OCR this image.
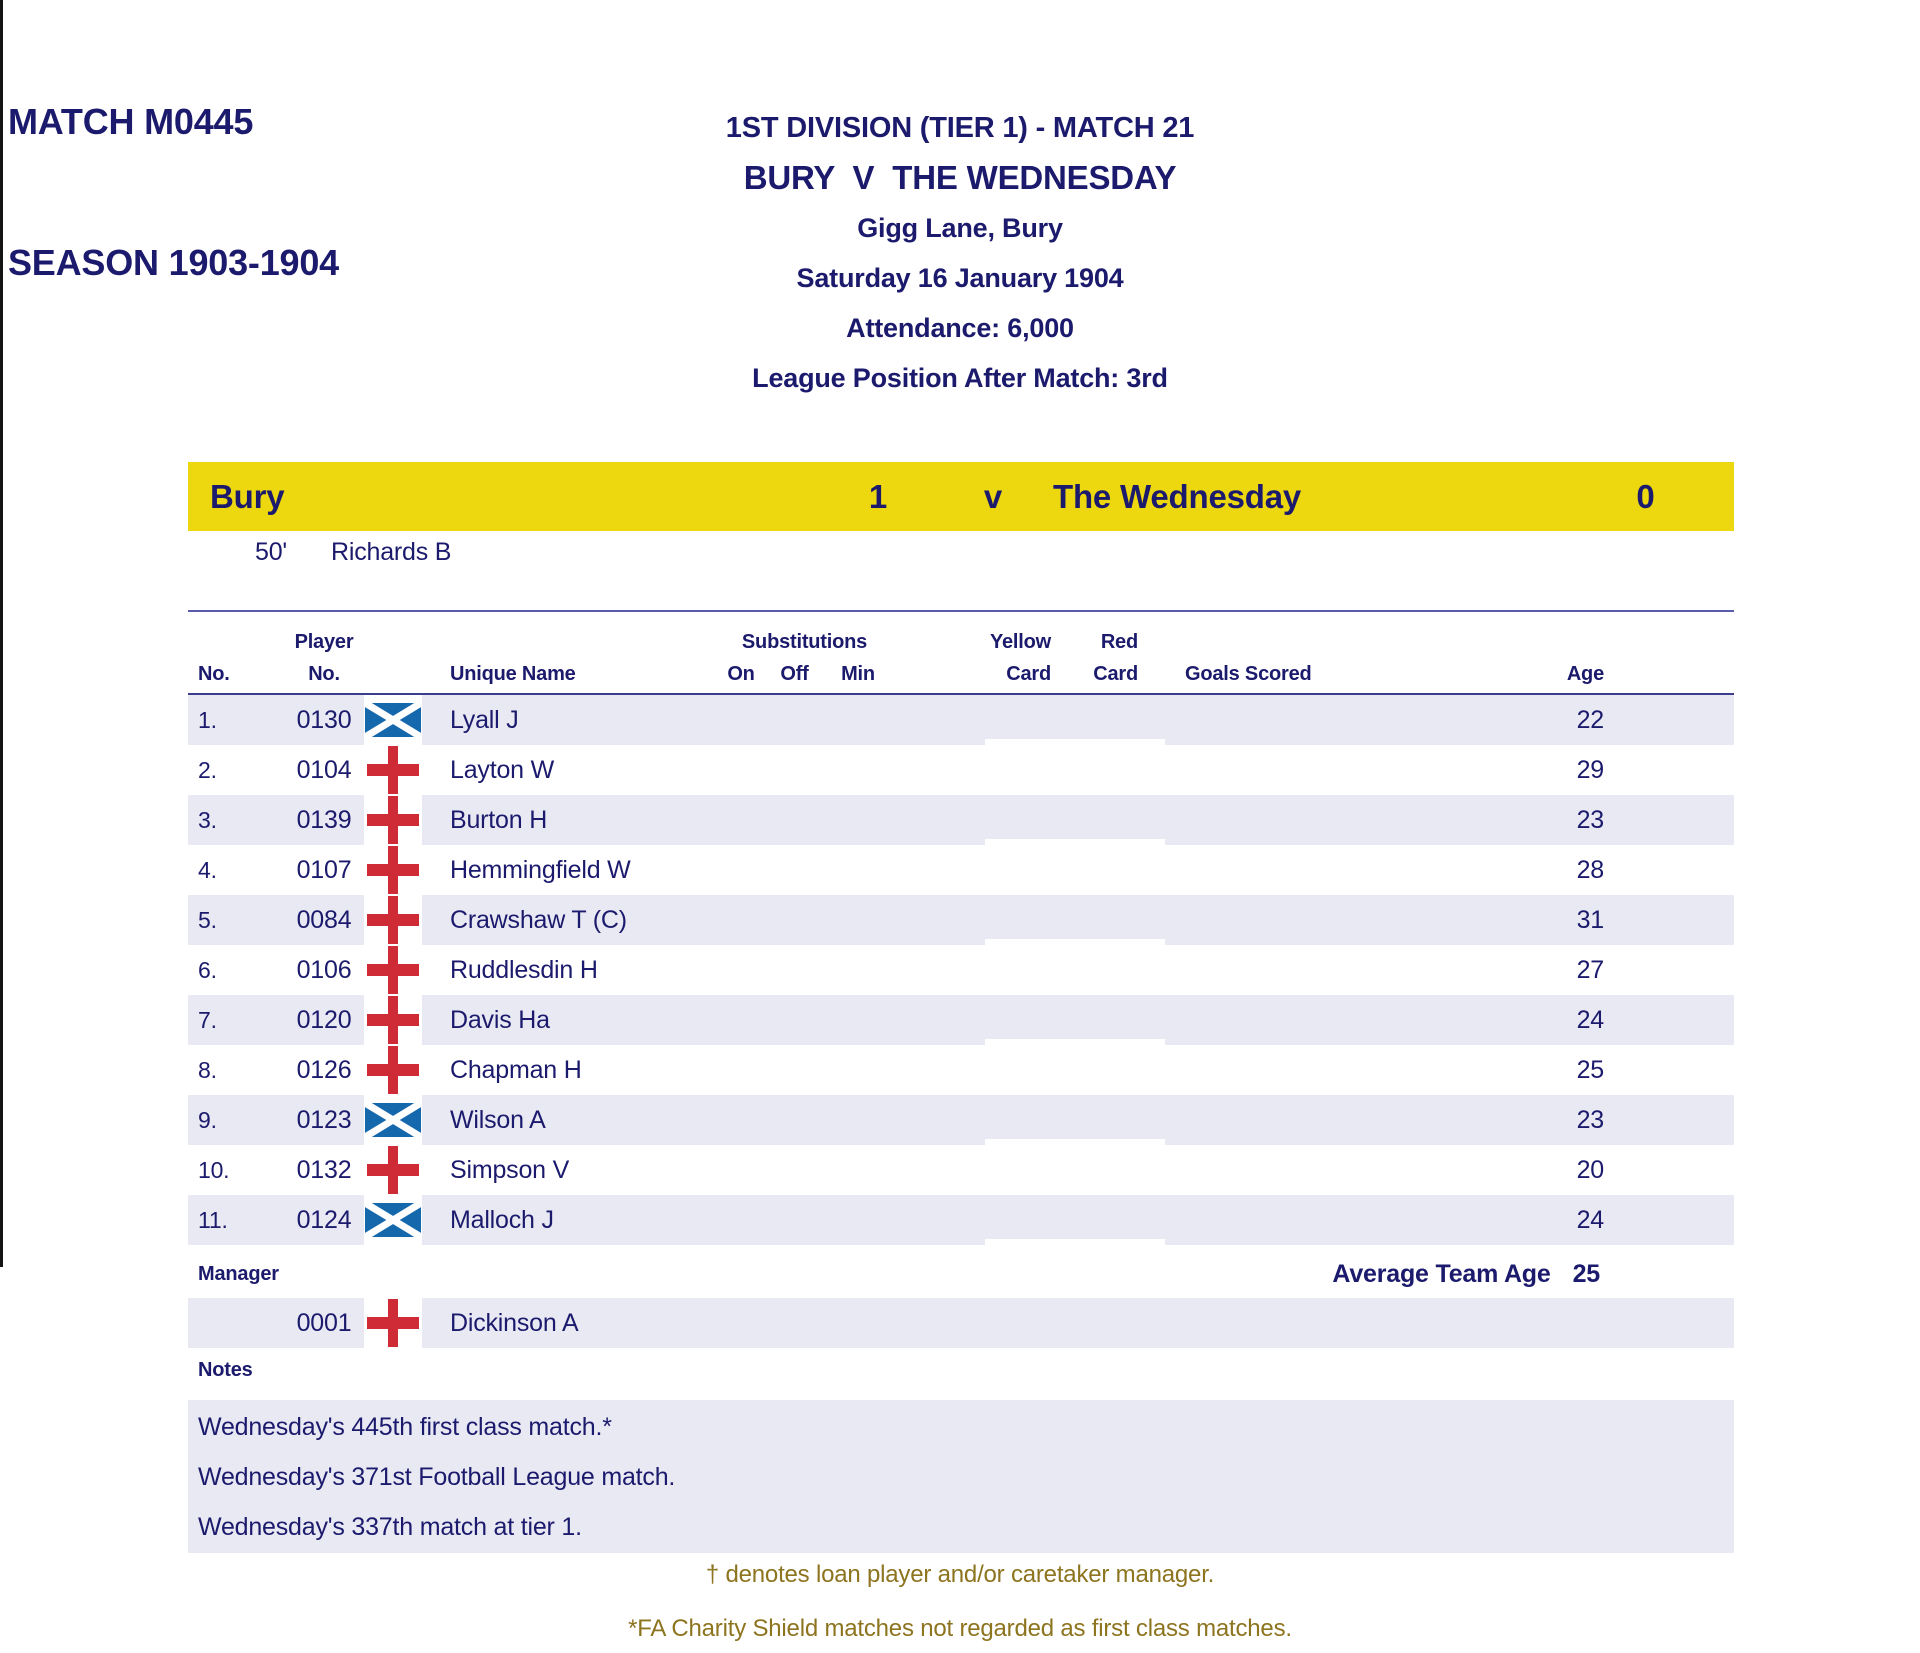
MATCH M0445

SEASON 1903-1904

1ST DIVISION (TIER 1) - MATCH 21
BURY  V  THE WEDNESDAY
Gigg Lane, Bury
Saturday 16 January 1904
Attendance: 6,000
League Position After Match: 3rd
Bury	1	v	The Wednesday	0
50' Richards B
Player	Substitutions	Yellow	Red
No.	No.	Unique Name	On	Off	Min	Card	Card	Goals Scored	Age
1.	0130	Lyall J	22
2.	0104	Layton W	29
3.	0139	Burton H	23
4.	0107	Hemmingfield W	28
5.	0084	Crawshaw T (C)	31
6.	0106	Ruddlesdin H	27
7.	0120	Davis Ha	24
8.	0126	Chapman H	25
9.	0123	Wilson A	23
10.	0132	Simpson V	20
11.	0124	Malloch J	24
Manager	Average Team Age 25
0001	Dickinson A
Notes
Wednesday's 445th first class match.*
Wednesday's 371st Football League match.
Wednesday's 337th match at tier 1.
† denotes loan player and/or caretaker manager.
*FA Charity Shield matches not regarded as first class matches.
